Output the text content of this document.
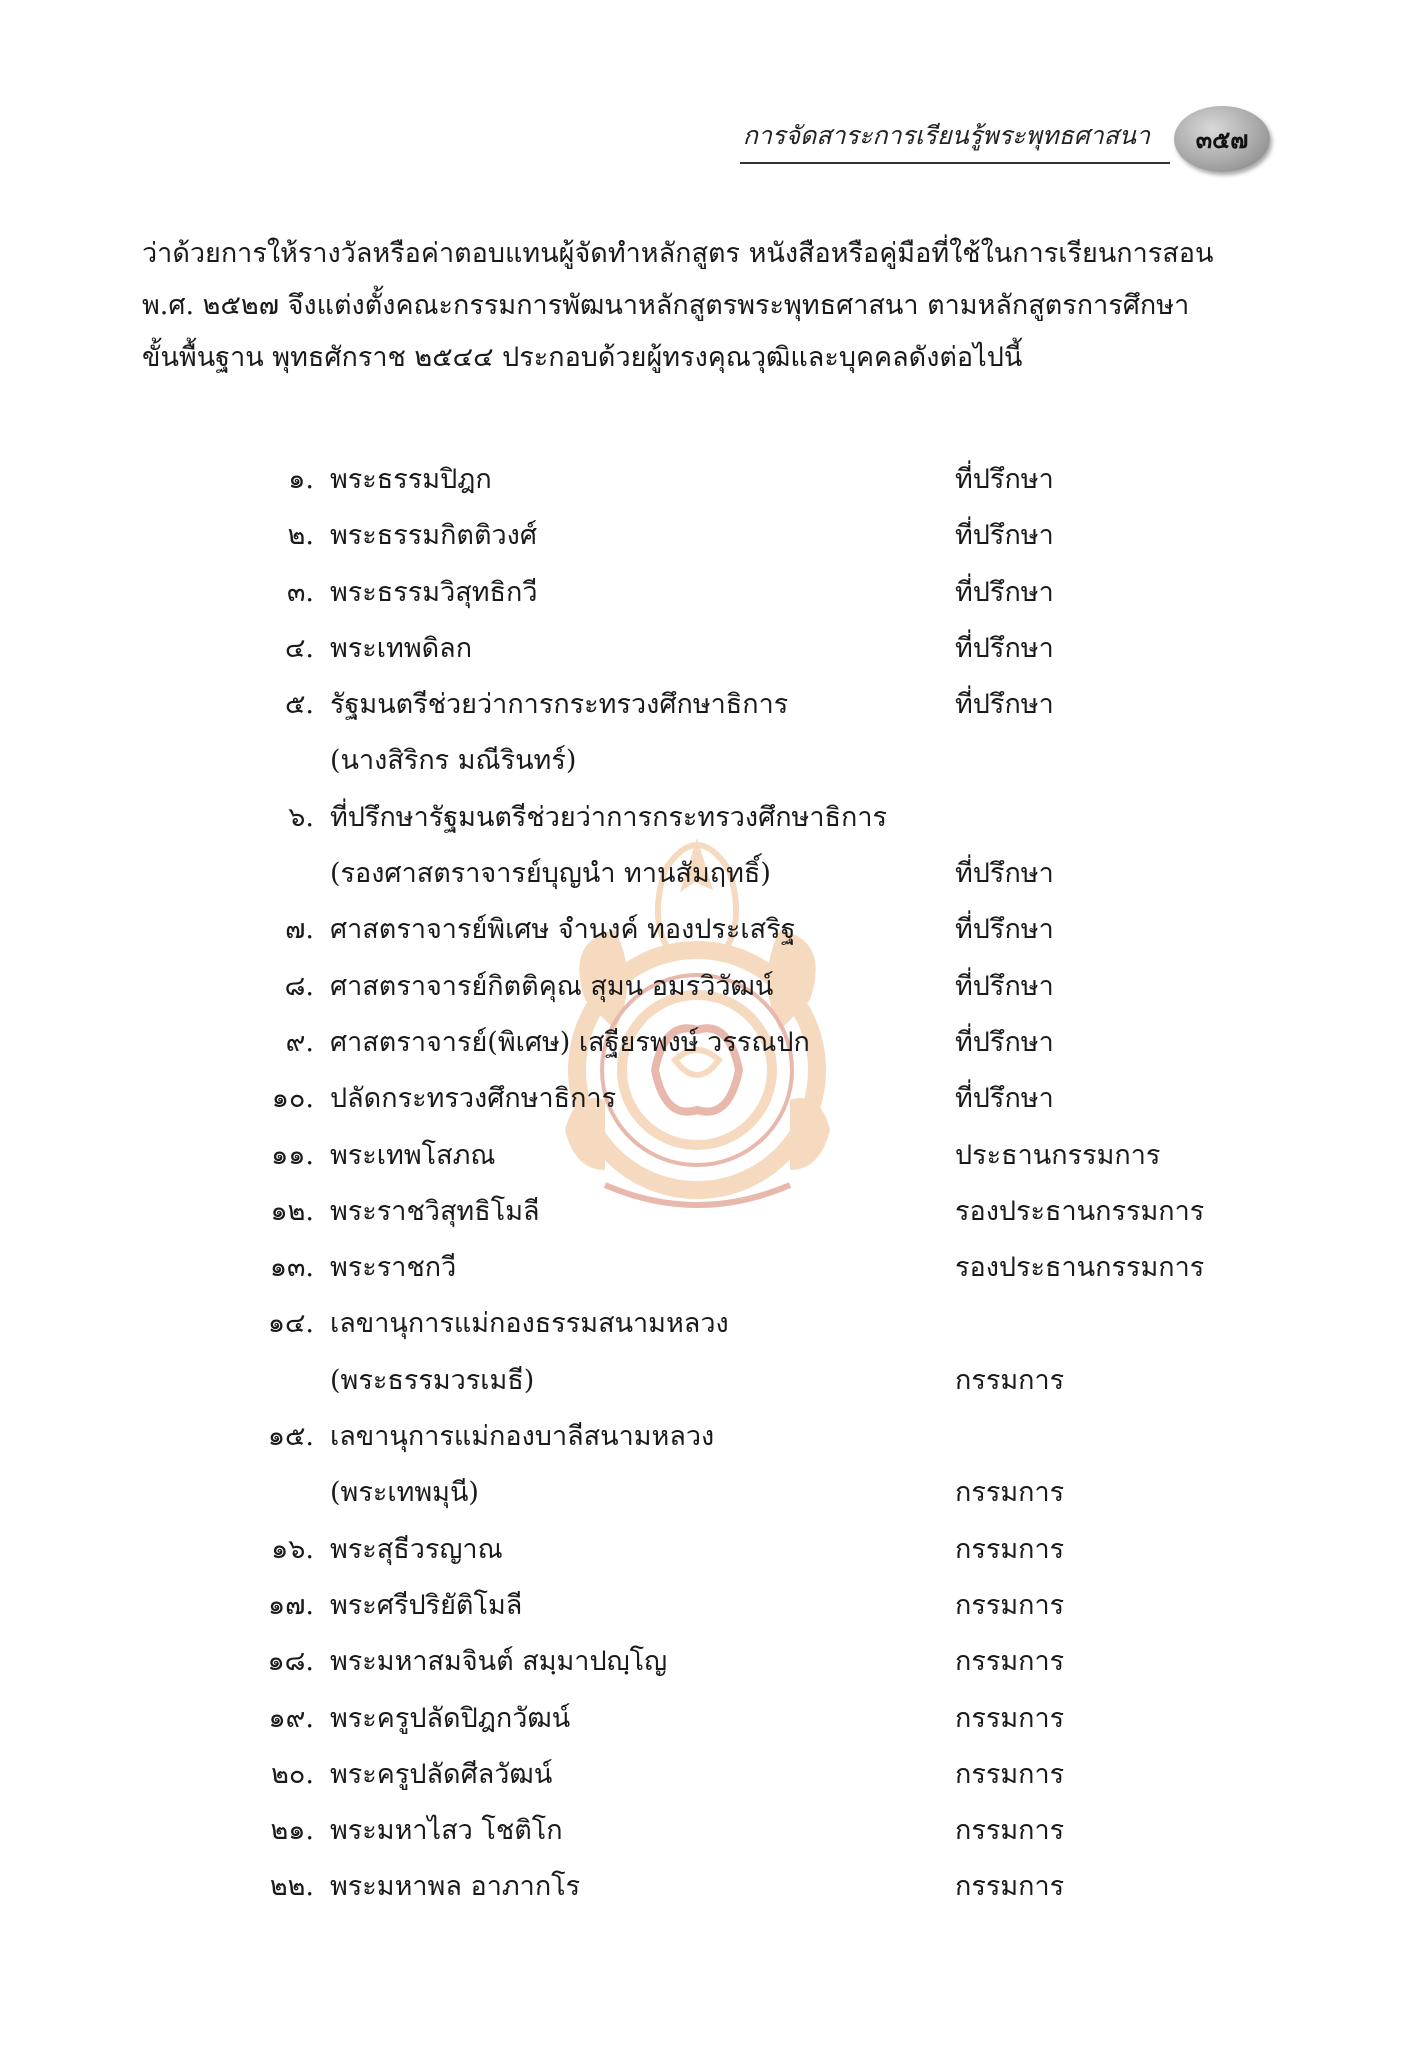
การจัดสาระการเรียนรู้พระพุทธศาสนา ๓๕๗
ว่าด้วยการให้รางวัลหรือค่าตอบแทนผู้จัดทำหลักสูตร หนังสือหรือคู่มือที่ใช้ในการเรียนการสอน
พ.ศ. ๒๕๒๗ จึงแต่งตั้งคณะกรรมการพัฒนาหลักสูตรพระพุทธศาสนา ตามหลักสูตรการศึกษา
ขั้นพื้นฐาน พุทธศักราช ๒๕๔๔ ประกอบด้วยผู้ทรงคุณวุฒิและบุคคลดังต่อไปนี้
๑. พระธรรมปิฎก	ที่ปรึกษา
๒. พระธรรมกิตติวงศ์	ที่ปรึกษา
๓. พระธรรมวิสุทธิกวี	ที่ปรึกษา
๔. พระเทพดิลก	ที่ปรึกษา
๕. รัฐมนตรีช่วยว่าการกระทรวงศึกษาธิการ	ที่ปรึกษา
(นางสิริกร มณีรินทร์)
๖. ที่ปรึกษารัฐมนตรีช่วยว่าการกระทรวงศึกษาธิการ
(รองศาสตราจารย์บุญนำ ทานสัมฤทธิ์)	ที่ปรึกษา
๗. ศาสตราจารย์พิเศษ จำนงค์ ทองประเสริฐ	ที่ปรึกษา
๘. ศาสตราจารย์กิตติคุณ สุมน อมรวิวัฒน์	ที่ปรึกษา
๙. ศาสตราจารย์(พิเศษ) เสฐียรพงษ์ วรรณปก	ที่ปรึกษา
๑๐. ปลัดกระทรวงศึกษาธิการ	ที่ปรึกษา
๑๑. พระเทพโสภณ	ประธานกรรมการ
๑๒. พระราชวิสุทธิโมลี	รองประธานกรรมการ
๑๓. พระราชกวี	รองประธานกรรมการ
๑๔. เลขานุการแม่กองธรรมสนามหลวง
(พระธรรมวรเมธี)	กรรมการ
๑๕. เลขานุการแม่กองบาลีสนามหลวง
(พระเทพมุนี)	กรรมการ
๑๖. พระสุธีวรญาณ	กรรมการ
๑๗. พระศรีปริยัติโมลี	กรรมการ
๑๘. พระมหาสมจินต์ สมฺมาปญฺโญ	กรรมการ
๑๙. พระครูปลัดปิฎกวัฒน์	กรรมการ
๒๐. พระครูปลัดศีลวัฒน์	กรรมการ
๒๑. พระมหาไสว โชติโก	กรรมการ
๒๒. พระมหาพล อาภากโร	กรรมการ
